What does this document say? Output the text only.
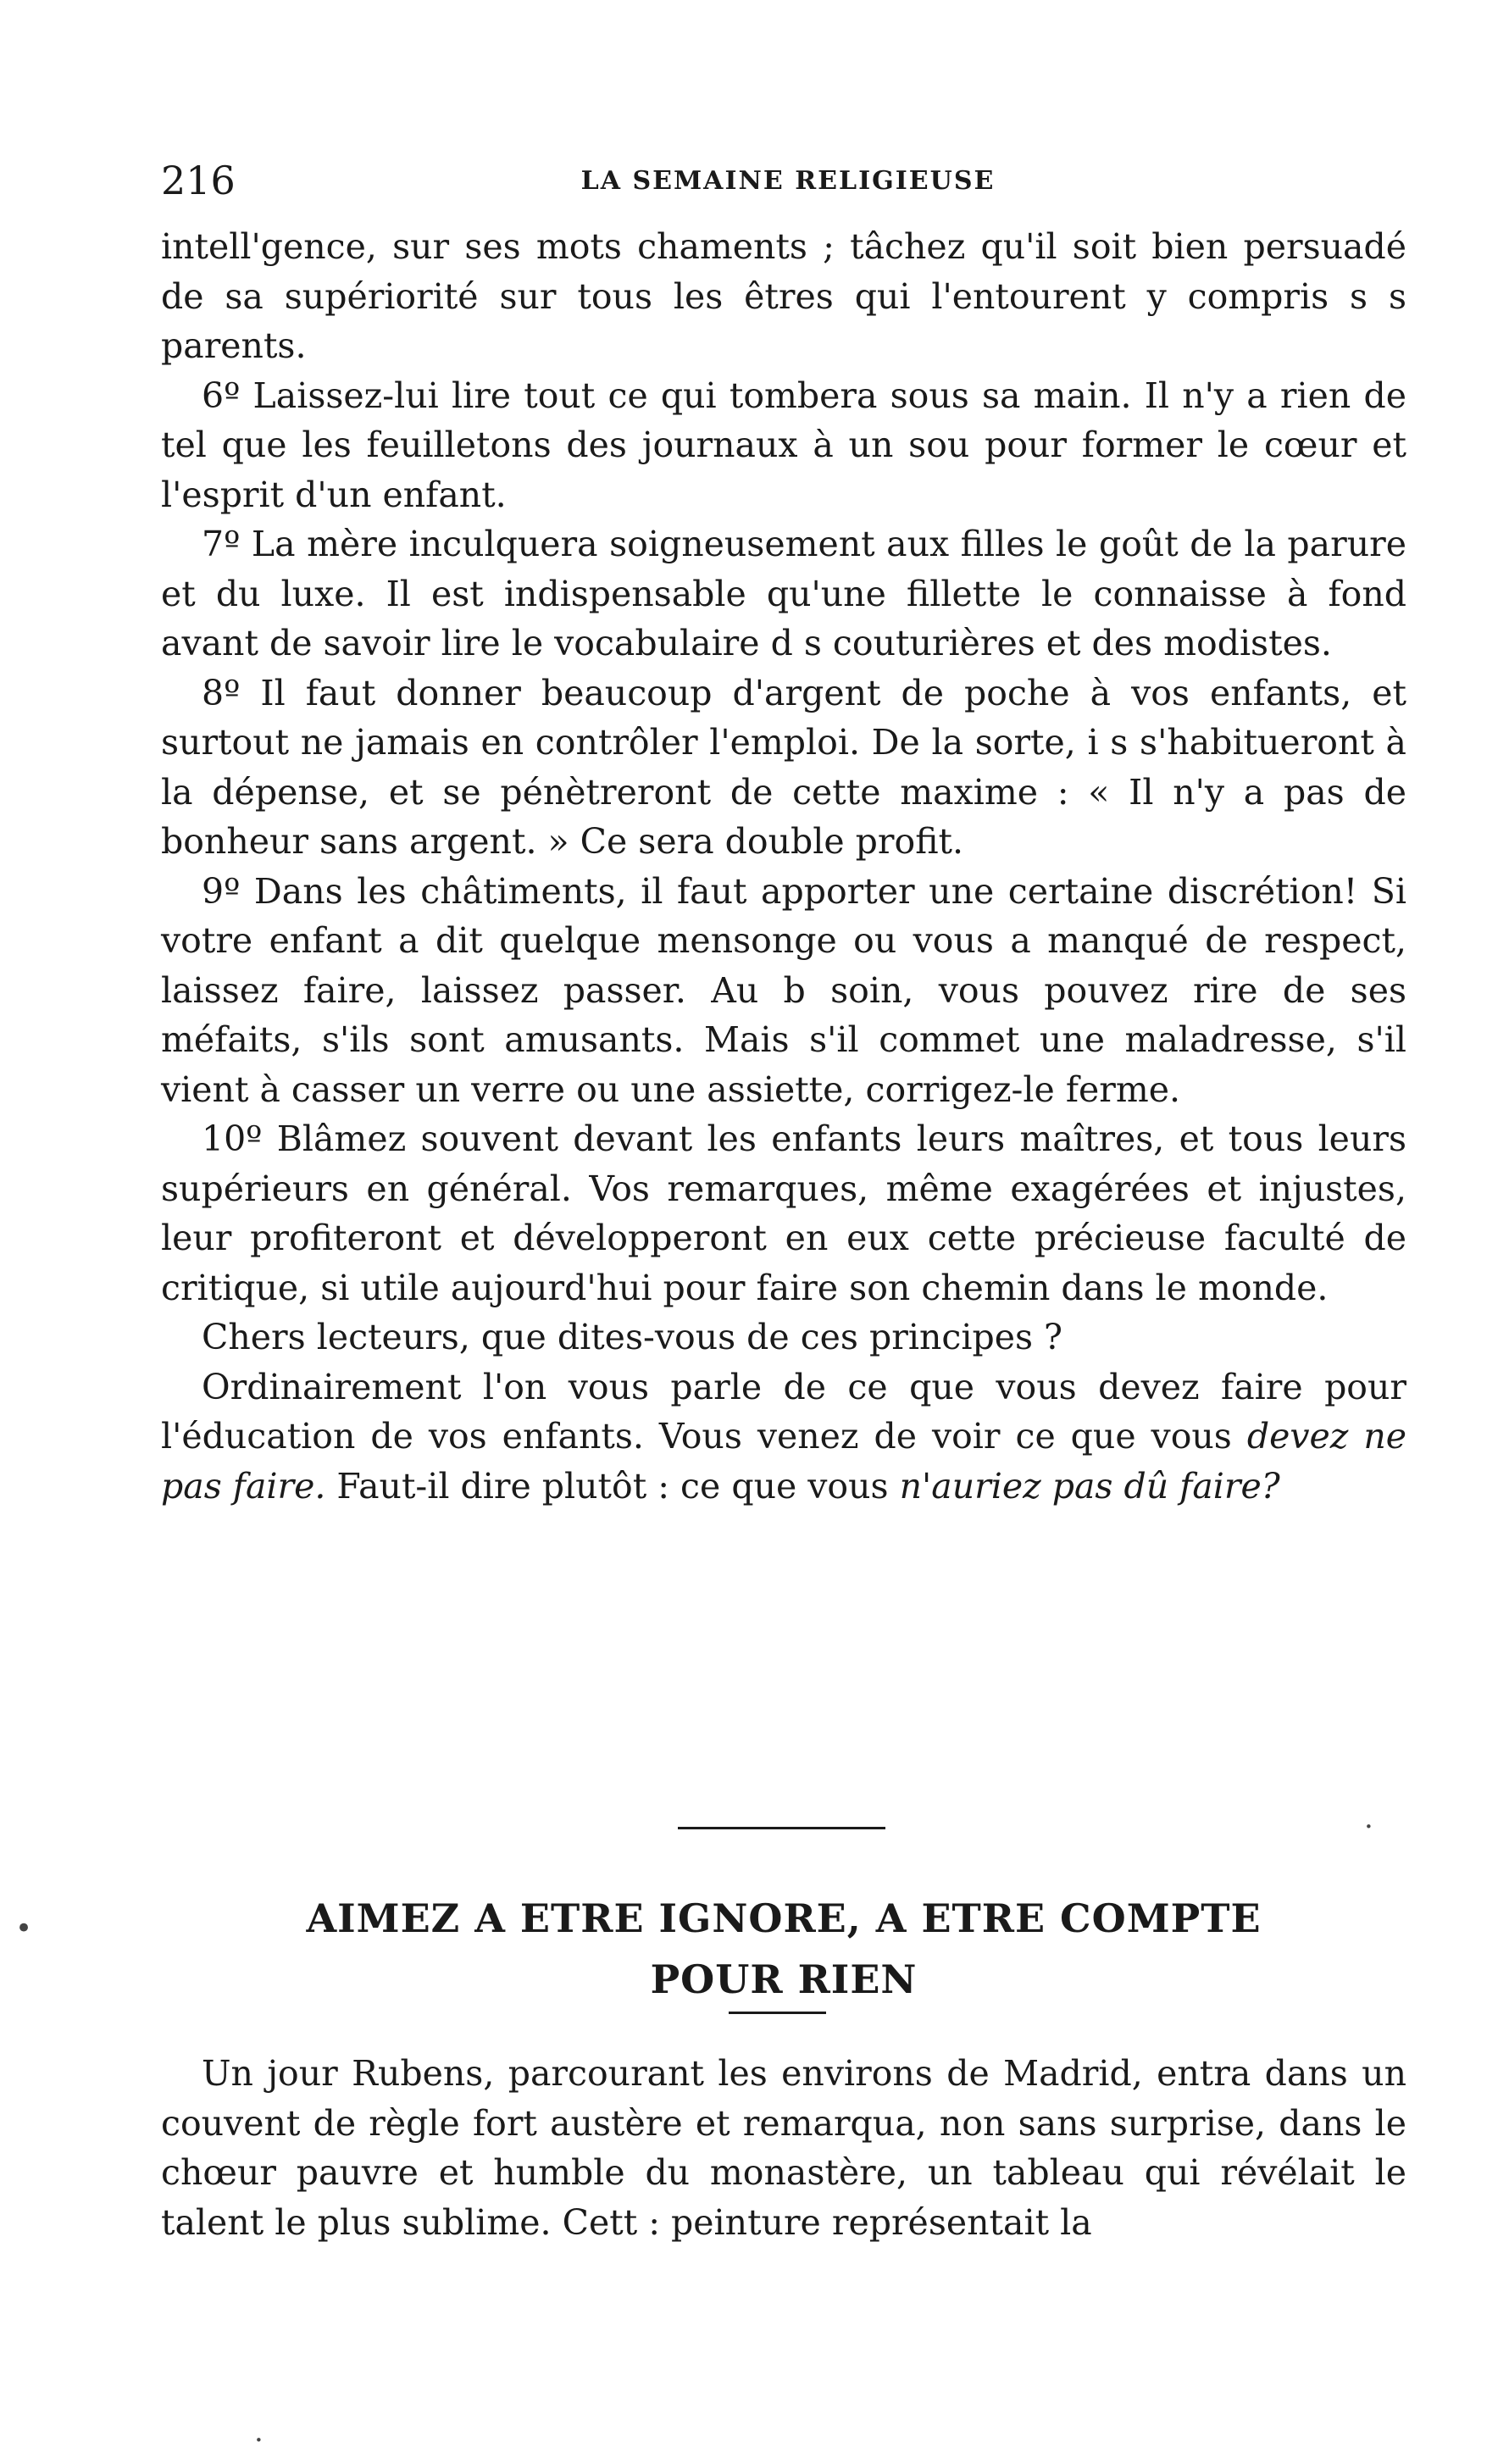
216	LA SEMAINE RELIGIEUSE

intell'gence, sur ses mots chaments ; tâchez qu'il soit bien persuadé de sa supériorité sur tous les êtres qui l'entourent y compris s s parents.

6º Laissez-lui lire tout ce qui tombera sous sa main. Il n'y a rien de tel que les feuilletons des journaux à un sou pour former le cœur et l'esprit d'un enfant.

7º La mère inculquera soigneusement aux filles le goût de la parure et du luxe. Il est indispensable qu'une fillette le connaisse à fond avant de savoir lire le vocabulaire d s couturières et des modistes.

8º Il faut donner beaucoup d'argent de poche à vos enfants, et surtout ne jamais en contrôler l'emploi. De la sorte, i s s'habitueront à la dépense, et se pénètreront de cette maxime : « Il n'y a pas de bonheur sans argent. » Ce sera double profit.

9º Dans les châtiments, il faut apporter une certaine discrétion! Si votre enfant a dit quelque mensonge ou vous a manqué de respect, laissez faire, laissez passer. Au b soin, vous pouvez rire de ses méfaits, s'ils sont amusants. Mais s'il commet une maladresse, s'il vient à casser un verre ou une assiette, corrigez-le ferme.

10º Blâmez souvent devant les enfants leurs maîtres, et tous leurs supérieurs en général. Vos remarques, même exagérées et injustes, leur profiteront et développeront en eux cette précieuse faculté de critique, si utile aujourd'hui pour faire son chemin dans le monde.

Chers lecteurs, que dites-vous de ces principes ?

Ordinairement l'on vous parle de ce que vous devez faire pour l'éducation de vos enfants. Vous venez de voir ce que vous devez ne pas faire. Faut-il dire plutôt : ce que vous n'auriez pas dû faire?

AIMEZ A ETRE IGNORE, A ETRE COMPTE
POUR RIEN

Un jour Rubens, parcourant les environs de Madrid, entra dans un couvent de règle fort austère et remarqua, non sans surprise, dans le chœur pauvre et humble du monastère, un tableau qui révélait le talent le plus sublime. Cett : peinture représentait la

•
·
·
